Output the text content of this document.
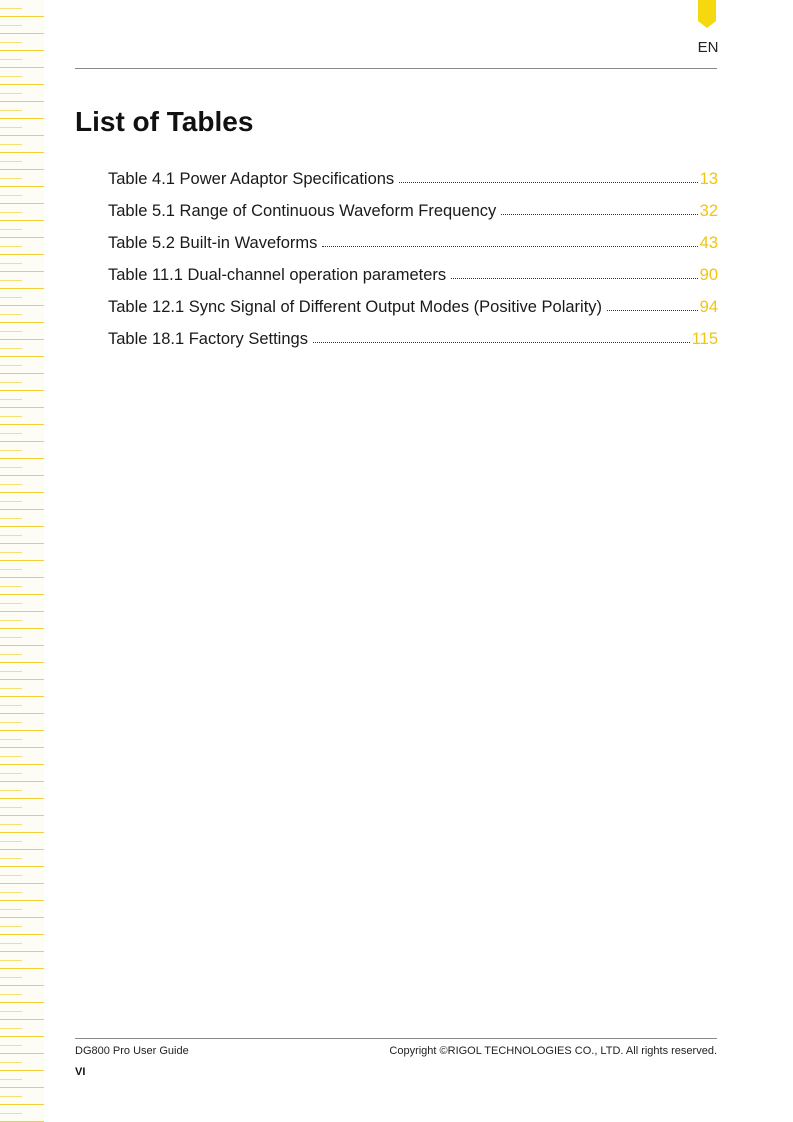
EN
List of Tables
Table 4.1 Power Adaptor Specifications	13
Table 5.1 Range of Continuous Waveform Frequency	32
Table 5.2 Built-in Waveforms	43
Table 11.1 Dual-channel operation parameters	90
Table 12.1 Sync Signal of Different Output Modes (Positive Polarity)	94
Table 18.1 Factory Settings	115
DG800 Pro User Guide	Copyright ©RIGOL TECHNOLOGIES CO., LTD. All rights reserved.
VI
